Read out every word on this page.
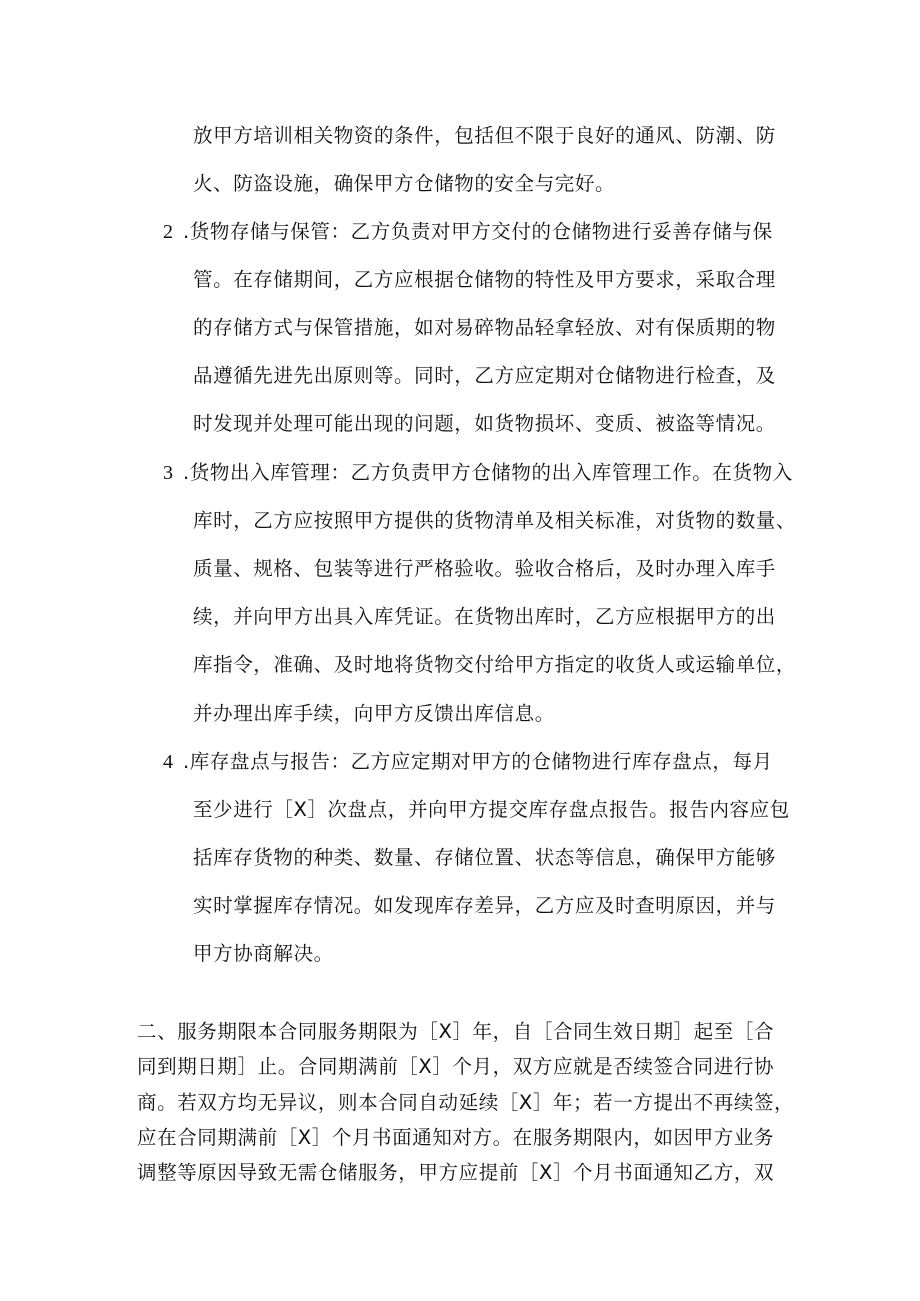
放甲方培训相关物资的条件，包括但不限于良好的通风、防潮、防
火、防盗设施，确保甲方仓储物的安全与完好。
2 .货物存储与保管：乙方负责对甲方交付的仓储物进行妥善存储与保
管。在存储期间，乙方应根据仓储物的特性及甲方要求，采取合理
的存储方式与保管措施，如对易碎物品轻拿轻放、对有保质期的物
品遵循先进先出原则等。同时，乙方应定期对仓储物进行检查，及
时发现并处理可能出现的问题，如货物损坏、变质、被盗等情况。
3 .货物出入库管理：乙方负责甲方仓储物的出入库管理工作。在货物入
库时，乙方应按照甲方提供的货物清单及相关标准，对货物的数量、
质量、规格、包装等进行严格验收。验收合格后，及时办理入库手
续，并向甲方出具入库凭证。在货物出库时，乙方应根据甲方的出
库指令，准确、及时地将货物交付给甲方指定的收货人或运输单位，
并办理出库手续，向甲方反馈出库信息。
4 .库存盘点与报告：乙方应定期对甲方的仓储物进行库存盘点，每月
至少进行［X］次盘点，并向甲方提交库存盘点报告。报告内容应包
括库存货物的种类、数量、存储位置、状态等信息，确保甲方能够
实时掌握库存情况。如发现库存差异，乙方应及时查明原因，并与
甲方协商解决。
二、服务期限本合同服务期限为［X］年，自［合同生效日期］起至［合
同到期日期］止。合同期满前［X］个月，双方应就是否续签合同进行协
商。若双方均无异议，则本合同自动延续［X］年；若一方提出不再续签，
应在合同期满前［X］个月书面通知对方。在服务期限内，如因甲方业务
调整等原因导致无需仓储服务，甲方应提前［X］个月书面通知乙方，双
